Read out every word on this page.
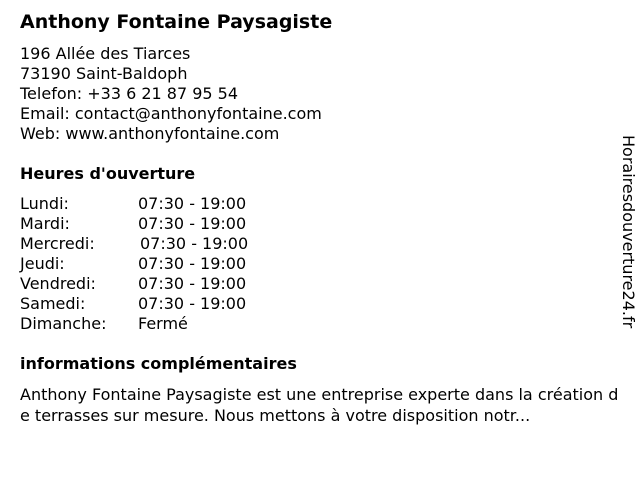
Anthony Fontaine Paysagiste
196 Allée des Tiarces
73190 Saint-Baldoph
Telefon: +33 6 21 87 95 54
Email: contact@anthonyfontaine.com
Web: www.anthonyfontaine.com
Heures d'ouverture
Lundi:	07:30 - 19:00
Mardi:	07:30 - 19:00
Mercredi:	07:30 - 19:00
Jeudi:	07:30 - 19:00
Vendredi:	07:30 - 19:00
Samedi:	07:30 - 19:00
Dimanche: Fermé
informations complémentaires
Anthony Fontaine Paysagiste est une entreprise experte dans la création de terrasses sur mesure. Nous mettons à votre disposition notr...
Horairesdouverture24.fr
